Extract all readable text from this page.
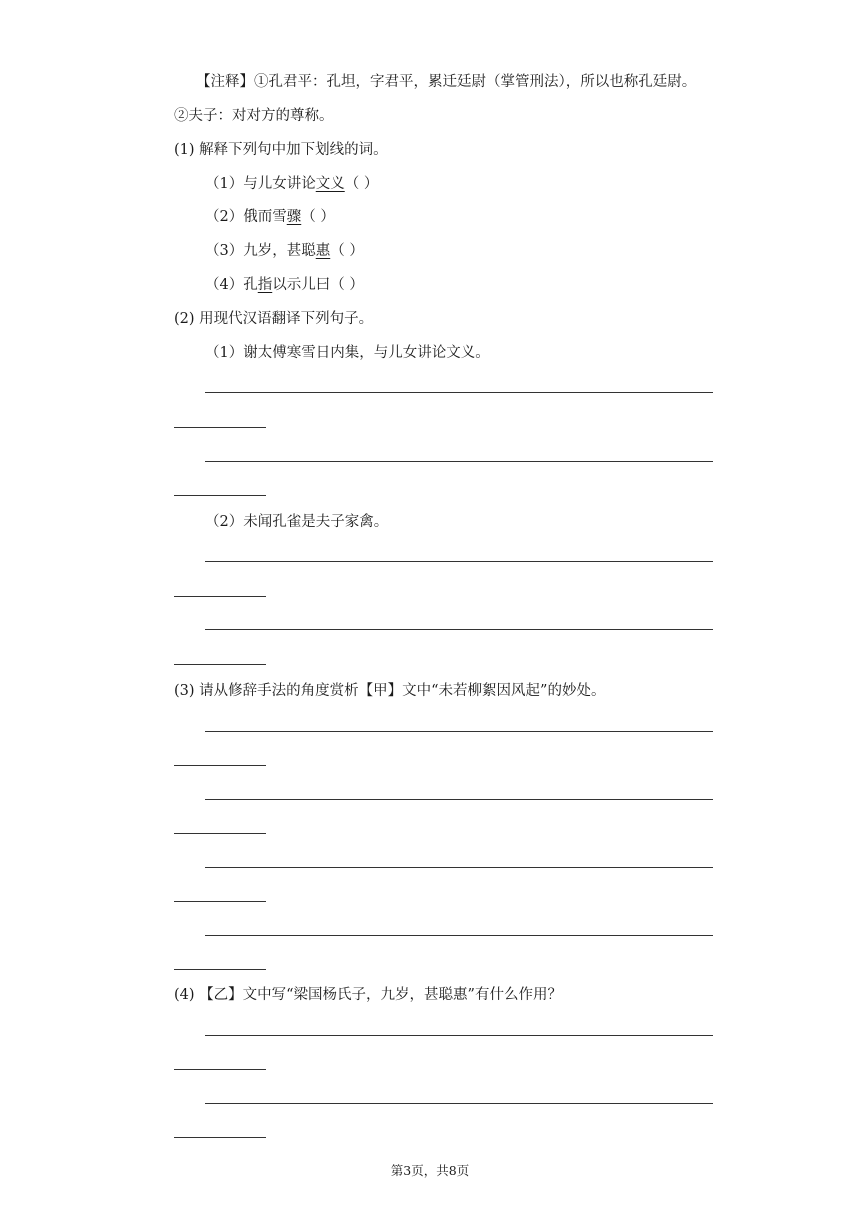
【注释】①孔君平：孔坦，字君平，累迁廷尉（掌管刑法），所以也称孔廷尉。
②夫子：对对方的尊称。
(1) 解释下列句中加下划线的词。
（1）与儿女讲论文义（ ）
（2）俄而雪骤（ ）
（3）九岁，甚聪惠（ ）
（4）孔指以示儿曰（ ）
(2) 用现代汉语翻译下列句子。
（1）谢太傅寒雪日内集，与儿女讲论文义。
（2）未闻孔雀是夫子家禽。
(3) 请从修辞手法的角度赏析【甲】文中“未若柳絮因风起”的妙处。
(4) 【乙】文中写“梁国杨氏子，九岁，甚聪惠”有什么作用？
第3页，共8页
